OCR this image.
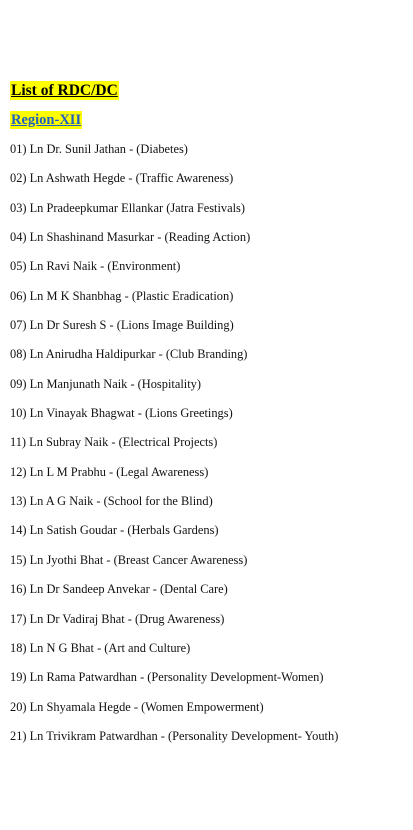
List of RDC/DC
Region-XII
01) Ln Dr. Sunil Jathan - (Diabetes)
02) Ln Ashwath Hegde - (Traffic Awareness)
03) Ln Pradeepkumar Ellankar (Jatra Festivals)
04) Ln Shashinand Masurkar - (Reading Action)
05) Ln Ravi Naik - (Environment)
06) Ln M K Shanbhag - (Plastic Eradication)
07) Ln Dr Suresh S - (Lions Image Building)
08) Ln Anirudha Haldipurkar - (Club Branding)
09) Ln Manjunath Naik - (Hospitality)
10) Ln Vinayak Bhagwat - (Lions Greetings)
11) Ln Subray Naik - (Electrical Projects)
12) Ln L M Prabhu - (Legal Awareness)
13) Ln A G Naik - (School for the Blind)
14) Ln Satish Goudar - (Herbals Gardens)
15) Ln Jyothi Bhat - (Breast Cancer Awareness)
16) Ln Dr Sandeep Anvekar - (Dental Care)
17) Ln Dr Vadiraj Bhat - (Drug Awareness)
18) Ln N G Bhat - (Art and Culture)
19) Ln Rama Patwardhan - (Personality Development-Women)
20) Ln Shyamala Hegde - (Women Empowerment)
21) Ln Trivikram Patwardhan - (Personality Development- Youth)
